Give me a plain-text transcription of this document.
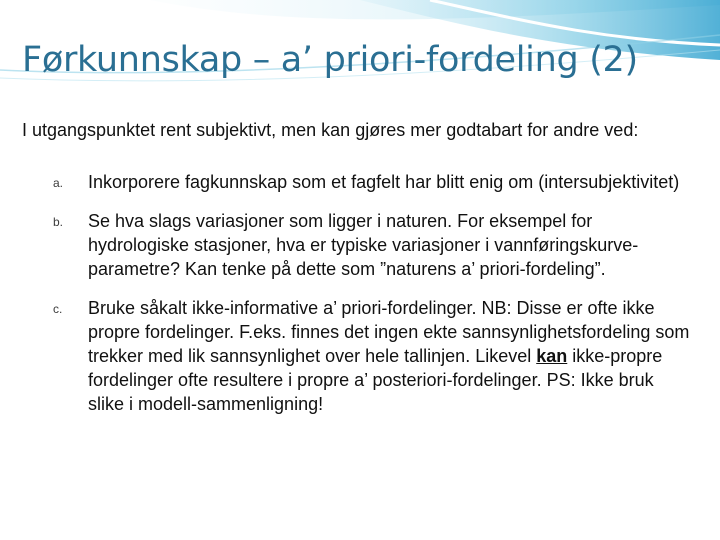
Førkunnskap – a’ priori-fordeling (2)
I utgangspunktet rent subjektivt, men kan gjøres mer godtabart for andre ved:
a. Inkorporere fagkunnskap som et fagfelt har blitt enig om (intersubjektivitet)
b. Se hva slags variasjoner som ligger i naturen. For eksempel for hydrologiske stasjoner, hva er typiske variasjoner i vannføringskurve-parametre? Kan tenke på dette som ”naturens a’ priori-fordeling”.
c. Bruke såkalt ikke-informative a’ priori-fordelinger. NB: Disse er ofte ikke propre fordelinger. F.eks. finnes det ingen ekte sannsynlighetsfordeling som trekker med lik sannsynlighet over hele tallinjen. Likevel kan ikke-propre fordelinger ofte resultere i propre a’ posteriori-fordelinger. PS: Ikke bruk slike i modell-sammenligning!
